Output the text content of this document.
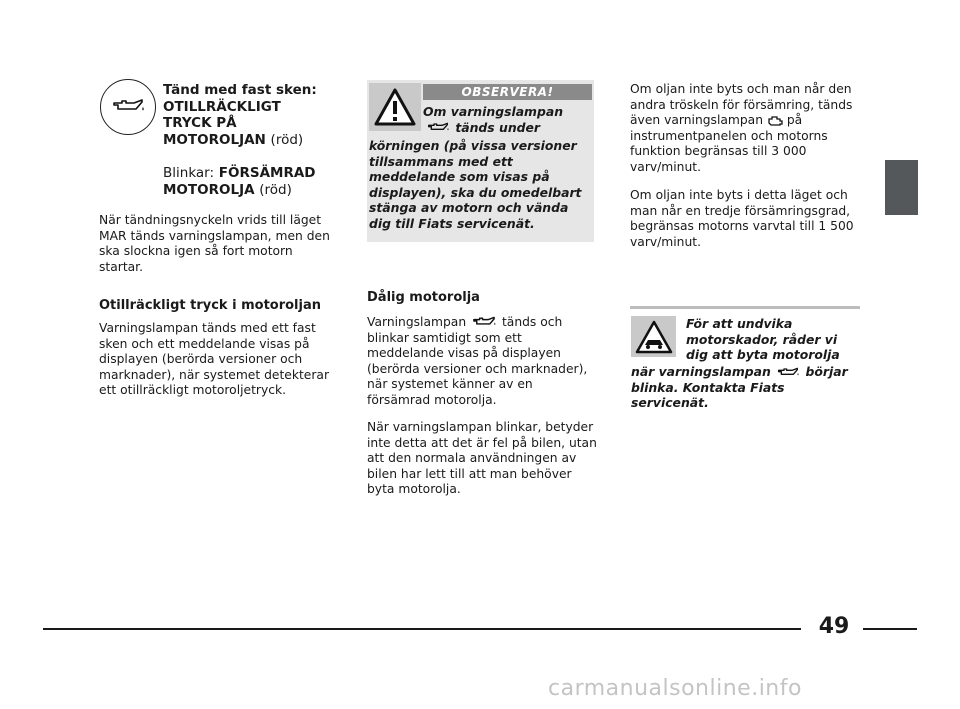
Tänd med fast sken:
OTILLRÄCKLIGT
TRYCK PÅ
MOTOROLJAN (röd)
Blinkar: FÖRSÄMRAD
MOTOROLJA (röd)
När tändningsnyckeln vrids till läget MAR tänds varningslampan, men den ska slockna igen så fort motorn startar.
Otillräckligt tryck i motoroljan
Varningslampan tänds med ett fast sken och ett meddelande visas på displayen (berörda versioner och marknader), när systemet detekterar ett otillräckligt motoroljetryck.
OBSERVERA!
Om varningslampan
tänds under
körningen (på vissa versioner tillsammans med ett meddelande som visas på displayen), ska du omedelbart stänga av motorn och vända dig till Fiats servicenät.
Dålig motorolja
Varningslampan	tänds och blinkar samtidigt som ett meddelande visas på displayen (berörda versioner och marknader), när systemet känner av en försämrad motorolja.
När varningslampan blinkar, betyder inte detta att det är fel på bilen, utan att den normala användningen av bilen har lett till att man behöver byta motorolja.
Om oljan inte byts och man når den andra tröskeln för försämring, tänds även varningslampan på instrumentpanelen och motorns funktion begränsas till 3 000 varv/minut.
Om oljan inte byts i detta läget och man når en tredje försämringsgrad, begränsas motorns varvtal till 1 500 varv/minut.
För att undvika motorskador, råder vi dig att byta motorolja
när varningslampan	börjar blinka. Kontakta Fiats servicenät.
49
carmanualsonline.info
